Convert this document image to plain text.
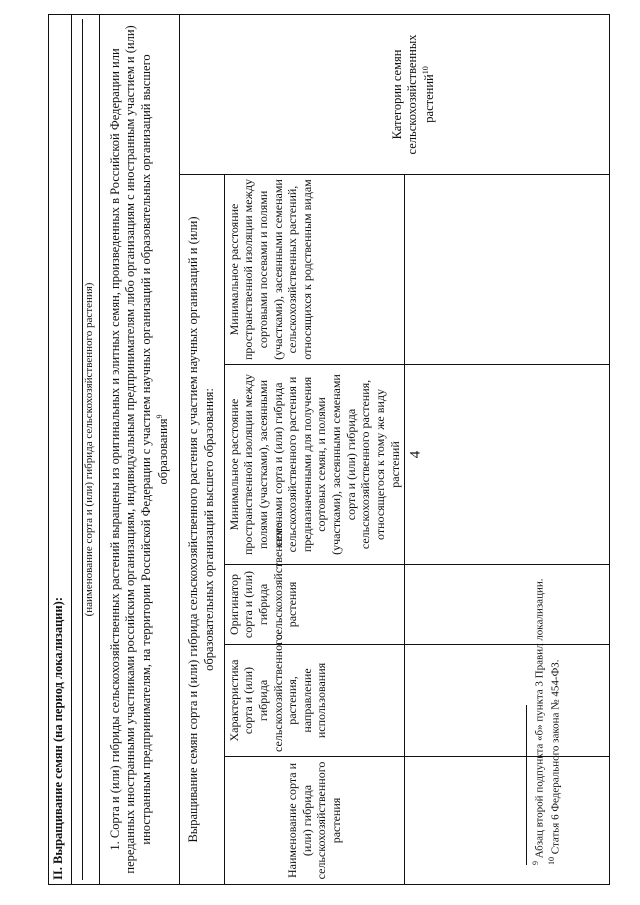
4
II. Выращивание семян (на период локализации):					

(наименование сорта и (или) гибрида сельскохозяйственного растения)					

1. Сорта и (или) гибриды сельскохозяйственных растений выращены из оригинальных и элитных семян, произведенных в Российской Федерации или переданных иностранными участниками российским организациям, индивидуальным предпринимателям либо организациям с иностранным участием и (или) иностранным предпринимателям, на территории Российской Федерации с участием научных организаций и образовательных организаций высшего образования$^9$

Выращивание семян сорта и (или) гибрида сельскохозяйственного растения с участием научных организаций и (или) образовательных организаций высшего образования:					Категории семян сельскохозяйственных растений$^{10}$
Наименование сорта и (или) гибрида сельскохозяйственного растения	Характеристика сорта и (или) гибрида сельскохозяйственного растения, направление использования	Оригинатор сорта и (или) гибрида сельскохозяйственного растения	Минимальное расстояние пространственной изоляции между полями (участками), засеянными семенами сорта и (или) гибрида сельскохозяйственного растения и предназначенными для получения сортовых семян, и полями (участками), засеянными семенами сорта и (или) гибрида сельскохозяйственного растения, относящегося к тому же виду растений	Минимальное расстояние пространственной изоляции между сортовыми посевами и полями (участками), засеянными семенами сельскохозяйственных растений, относящихся к родственным видам	

$^9$ Абзац второй подпункта «б» пункта 3 Правил локализации.

$^{10}$ Статья 6 Федерального закона № 454-ФЗ.
